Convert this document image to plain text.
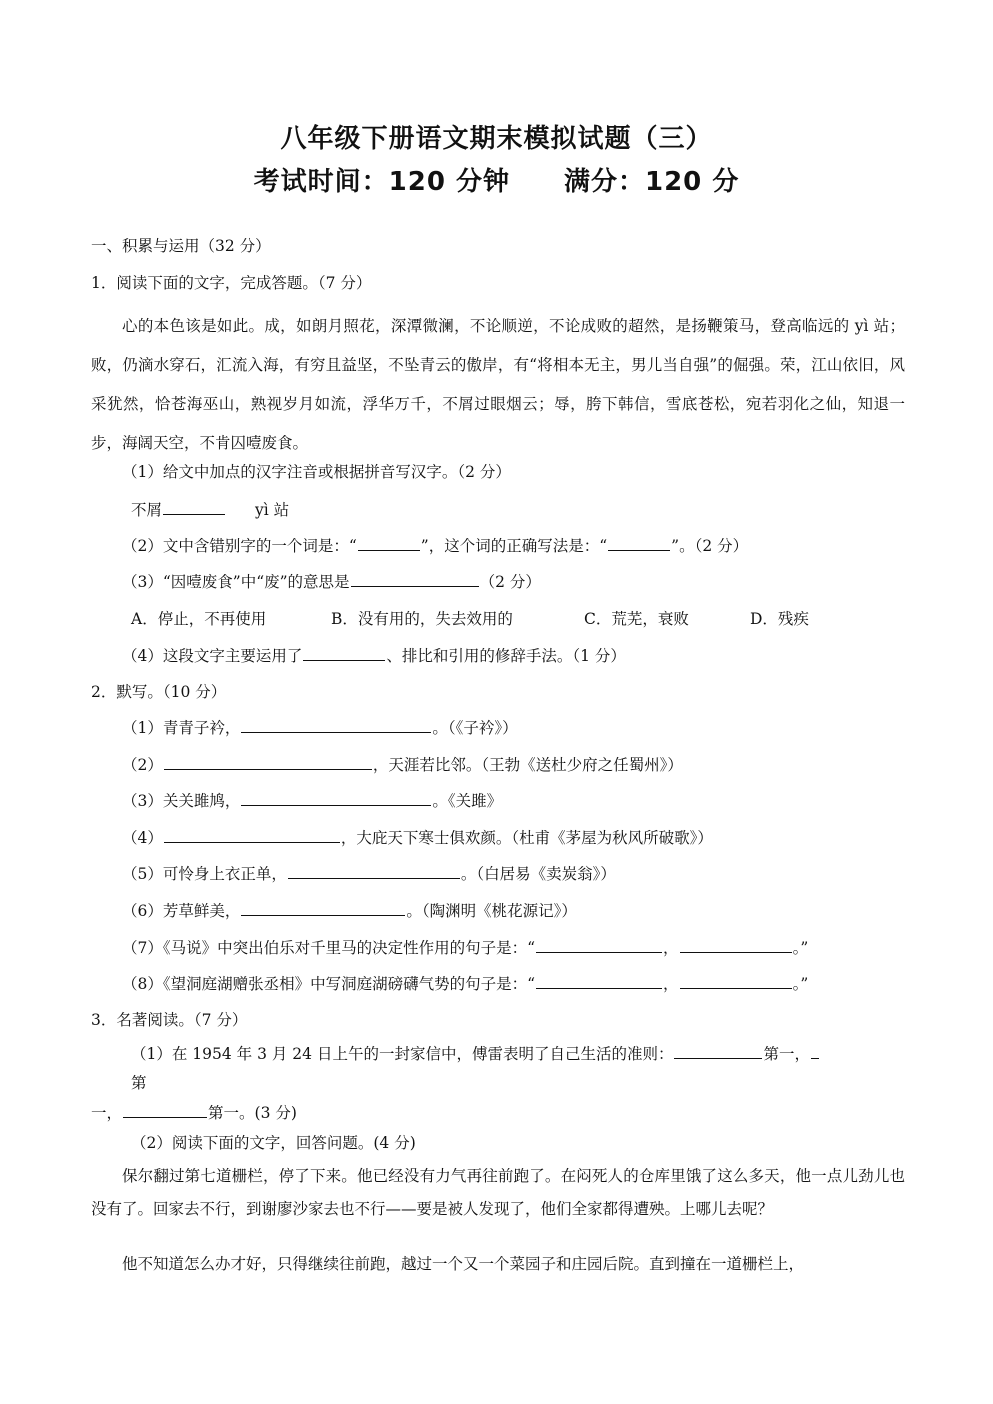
八年级下册语文期末模拟试题（三）
考试时间：120 分钟　　满分：120 分

一、积累与运用（32 分）

1．阅读下面的文字，完成答题。（7 分）

心的本色该是如此。成，如朗月照花，深潭微澜，不论顺逆，不论成败的超然，是扬鞭策马，登高临远的 yì 站；败，仍滴水穿石，汇流入海，有穷且益坚，不坠青云的傲岸，有“将相本无主，男儿当自强”的倔强。荣，江山依旧，风采犹然，恰苍海巫山，熟视岁月如流，浮华万千，不屑过眼烟云；辱，胯下韩信，雪底苍松，宛若羽化之仙，知退一步，海阔天空，不肯囚噎废食。

（1）给文中加点的汉字注音或根据拼音写汉字。（2 分）

不屑	yì 站

（2）文中含错别字的一个词是：“	”，这个词的正确写法是：“	”。（2 分）

（3）“因噎废食”中“废”的意思是	（2 分）

A．停止，不再使用	B．没有用的，失去效用的	C．荒芜，衰败	D．残疾

（4）这段文字主要运用了	、排比和引用的修辞手法。（1 分）

2．默写。（10 分）

（1）青青子衿，	。（《子衿》）

（2）	，天涯若比邻。（王勃《送杜少府之任蜀州》）

（3）关关雎鸠，	。《关雎》

（4）	，大庇天下寒士俱欢颜。（杜甫《茅屋为秋风所破歌》）

（5）可怜身上衣正单，	。（白居易《卖炭翁》）

（6）芳草鲜美，	。（陶渊明《桃花源记》）

（7）《马说》中突出伯乐对千里马的决定性作用的句子是：“	，	。”

（8）《望洞庭湖赠张丞相》中写洞庭湖磅礴气势的句子是：“	，	。”

3．名著阅读。（7 分）

（1）在 1954 年 3 月 24 日上午的一封家信中，傅雷表明了自己生活的准则：	第一，

第

一，	第一。(3 分)

（2）阅读下面的文字，回答问题。(4 分)

保尔翻过第七道栅栏，停了下来。他已经没有力气再往前跑了。在闷死人的仓库里饿了这么多天，他一点儿劲儿也没有了。回家去不行，到谢廖沙家去也不行——要是被人发现了，他们全家都得遭殃。上哪儿去呢？

他不知道怎么办才好，只得继续往前跑，越过一个又一个菜园子和庄园后院。直到撞在一道栅栏上，
